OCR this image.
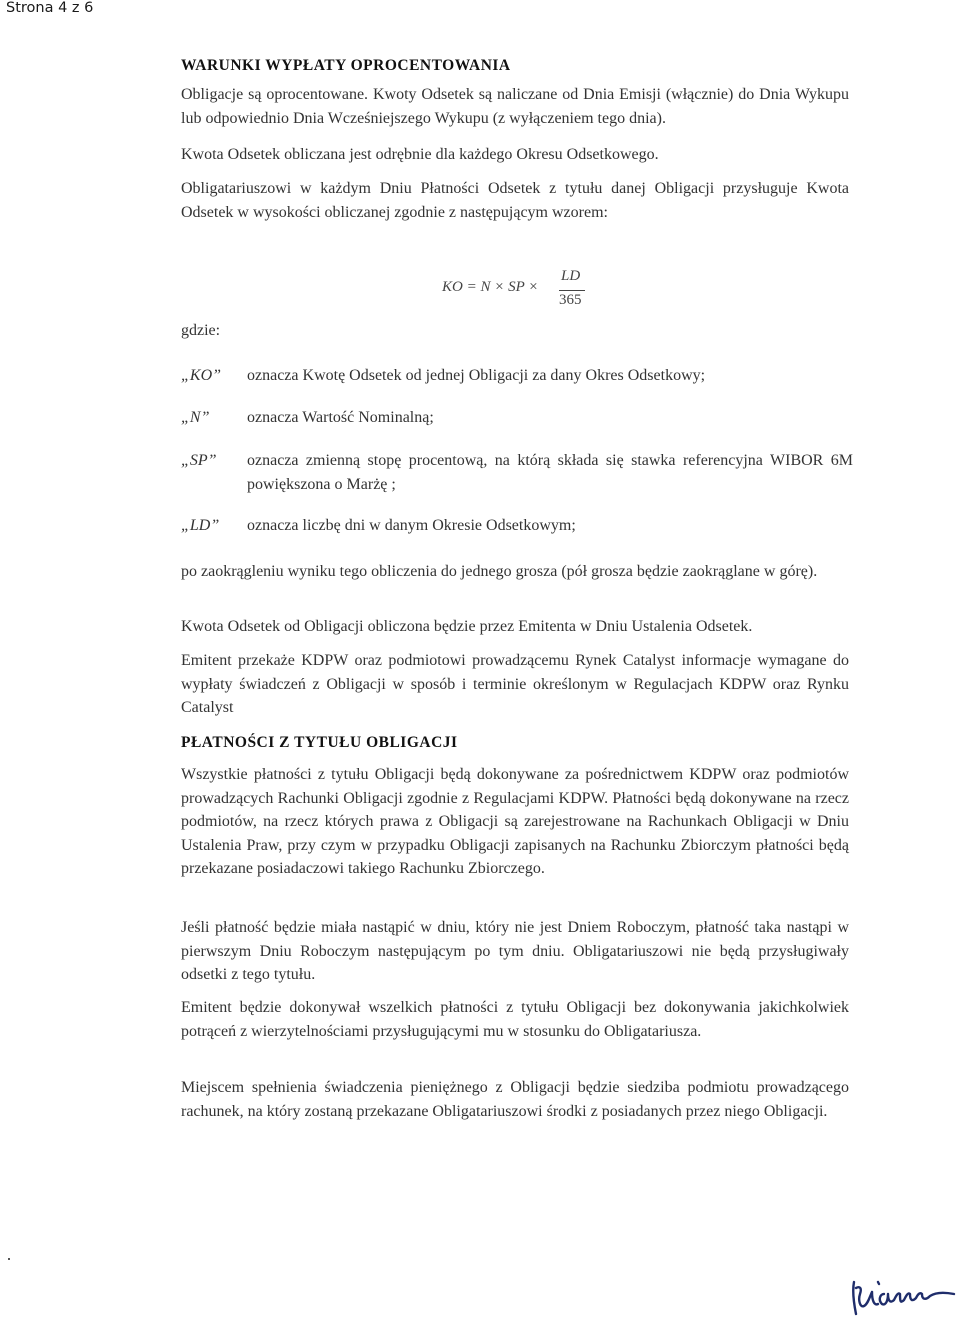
Strona 4 z 6

WARUNKI WYPŁATY OPROCENTOWANIA

Obligacje są oprocentowane. Kwoty Odsetek są naliczane od Dnia Emisji (włącznie) do Dnia Wykupu lub odpowiednio Dnia Wcześniejszego Wykupu (z wyłączeniem tego dnia).

Kwota Odsetek obliczana jest odrębnie dla każdego Okresu Odsetkowego.

Obligatariuszowi w każdym Dniu Płatności Odsetek z tytułu danej Obligacji przysługuje Kwota Odsetek w wysokości obliczanej zgodnie z następującym wzorem:

KO = N × SP ×
LD
365
gdzie:
„KO” oznacza Kwotę Odsetek od jednej Obligacji za dany Okres Odsetkowy;
„N” oznacza Wartość Nominalną;
„SP” oznacza zmienną stopę procentową, na którą składa się stawka referencyjna WIBOR 6M powiększona o Marżę ;
„LD” oznacza liczbę dni w danym Okresie Odsetkowym;

po zaokrągleniu wyniku tego obliczenia do jednego grosza (pół grosza będzie zaokrąglane w górę).

Kwota Odsetek od Obligacji obliczona będzie przez Emitenta w Dniu Ustalenia Odsetek.

Emitent przekaże KDPW oraz podmiotowi prowadzącemu Rynek Catalyst informacje wymagane do wypłaty świadczeń z Obligacji w sposób i terminie określonym w Regulacjach KDPW oraz Rynku Catalyst

PŁATNOŚCI Z TYTUŁU OBLIGACJI

Wszystkie płatności z tytułu Obligacji będą dokonywane za pośrednictwem KDPW oraz podmiotów prowadzących Rachunki Obligacji zgodnie z Regulacjami KDPW. Płatności będą dokonywane na rzecz podmiotów, na rzecz których prawa z Obligacji są zarejestrowane na Rachunkach Obligacji w Dniu Ustalenia Praw, przy czym w przypadku Obligacji zapisanych na Rachunku Zbiorczym płatności będą przekazane posiadaczowi takiego Rachunku Zbiorczego.

Jeśli płatność będzie miała nastąpić w dniu, który nie jest Dniem Roboczym, płatność taka nastąpi w pierwszym Dniu Roboczym następującym po tym dniu. Obligatariuszowi nie będą przysługiwały odsetki z tego tytułu.

Emitent będzie dokonywał wszelkich płatności z tytułu Obligacji bez dokonywania jakichkolwiek potrąceń z wierzytelnościami przysługującymi mu w stosunku do Obligatariusza.

Miejscem spełnienia świadczenia pieniężnego z Obligacji będzie siedziba podmiotu prowadzącego rachunek, na który zostaną przekazane Obligatariuszowi środki z posiadanych przez niego Obligacji.
